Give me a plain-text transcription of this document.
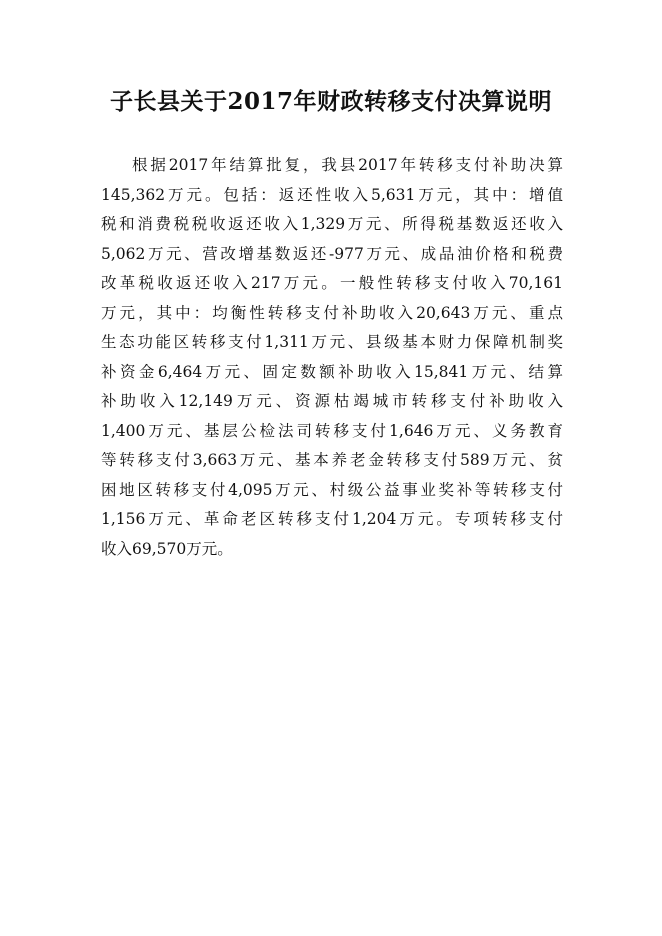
子长县关于2017年财政转移支付决算说明
根据2017年结算批复，我县2017年转移支付补助决算
145,362万元。包括：返还性收入5,631万元，其中：增值
税和消费税税收返还收入1,329万元、所得税基数返还收入
5,062万元、营改增基数返还-977万元、成品油价格和税费
改革税收返还收入217万元。一般性转移支付收入70,161
万元，其中：均衡性转移支付补助收入20,643万元、重点
生态功能区转移支付1,311万元、县级基本财力保障机制奖
补资金6,464万元、固定数额补助收入15,841万元、结算
补助收入12,149万元、资源枯竭城市转移支付补助收入
1,400万元、基层公检法司转移支付1,646万元、义务教育
等转移支付3,663万元、基本养老金转移支付589万元、贫
困地区转移支付4,095万元、村级公益事业奖补等转移支付
1,156万元、革命老区转移支付1,204万元。专项转移支付
收入69,570万元。
